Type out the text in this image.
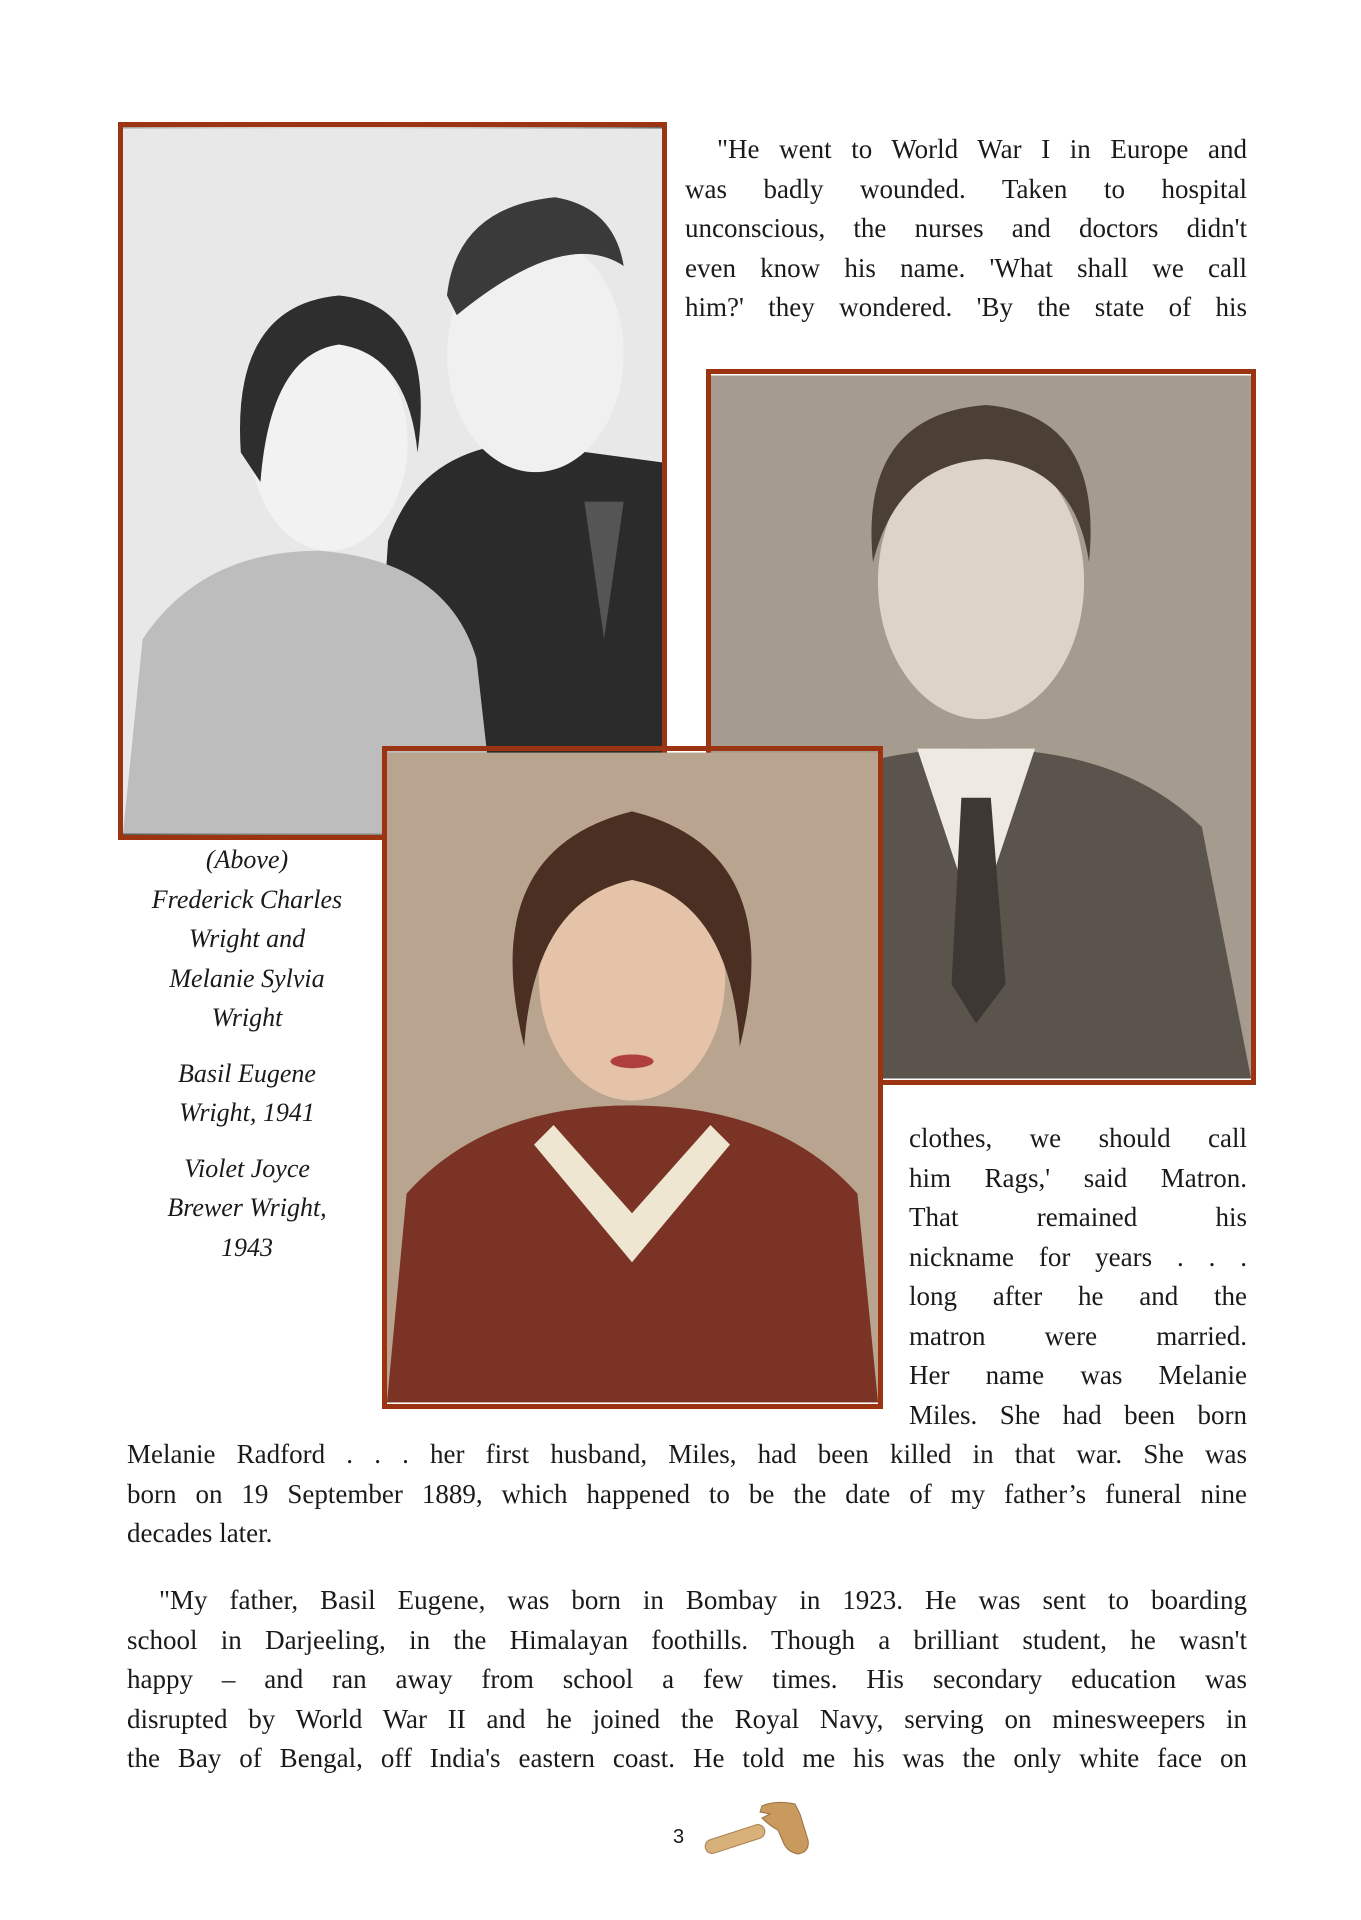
"He went to World War I in Europe and
was badly wounded. Taken to hospital
unconscious, the nurses and doctors didn't
even know his name. 'What shall we call
him?' they wondered. 'By the state of his

(Above)
Frederick Charles
Wright and
Melanie Sylvia
Wright

Basil Eugene
Wright, 1941

Violet Joyce
Brewer Wright,
1943

clothes, we should call
him Rags,' said Matron.
That remained his
nickname for years . . .
long after he and the
matron were married.
Her name was Melanie
Miles. She had been born
Melanie Radford . . . her first husband, Miles, had been killed in that war. She was
born on 19 September 1889, which happened to be the date of my father’s funeral nine
decades later.
"My father, Basil Eugene, was born in Bombay in 1923. He was sent to boarding
school in Darjeeling, in the Himalayan foothills. Though a brilliant student, he wasn't
happy – and ran away from school a few times. His secondary education was
disrupted by World War II and he joined the Royal Navy, serving on minesweepers in
the Bay of Bengal, off India's eastern coast. He told me his was the only white face on
3
